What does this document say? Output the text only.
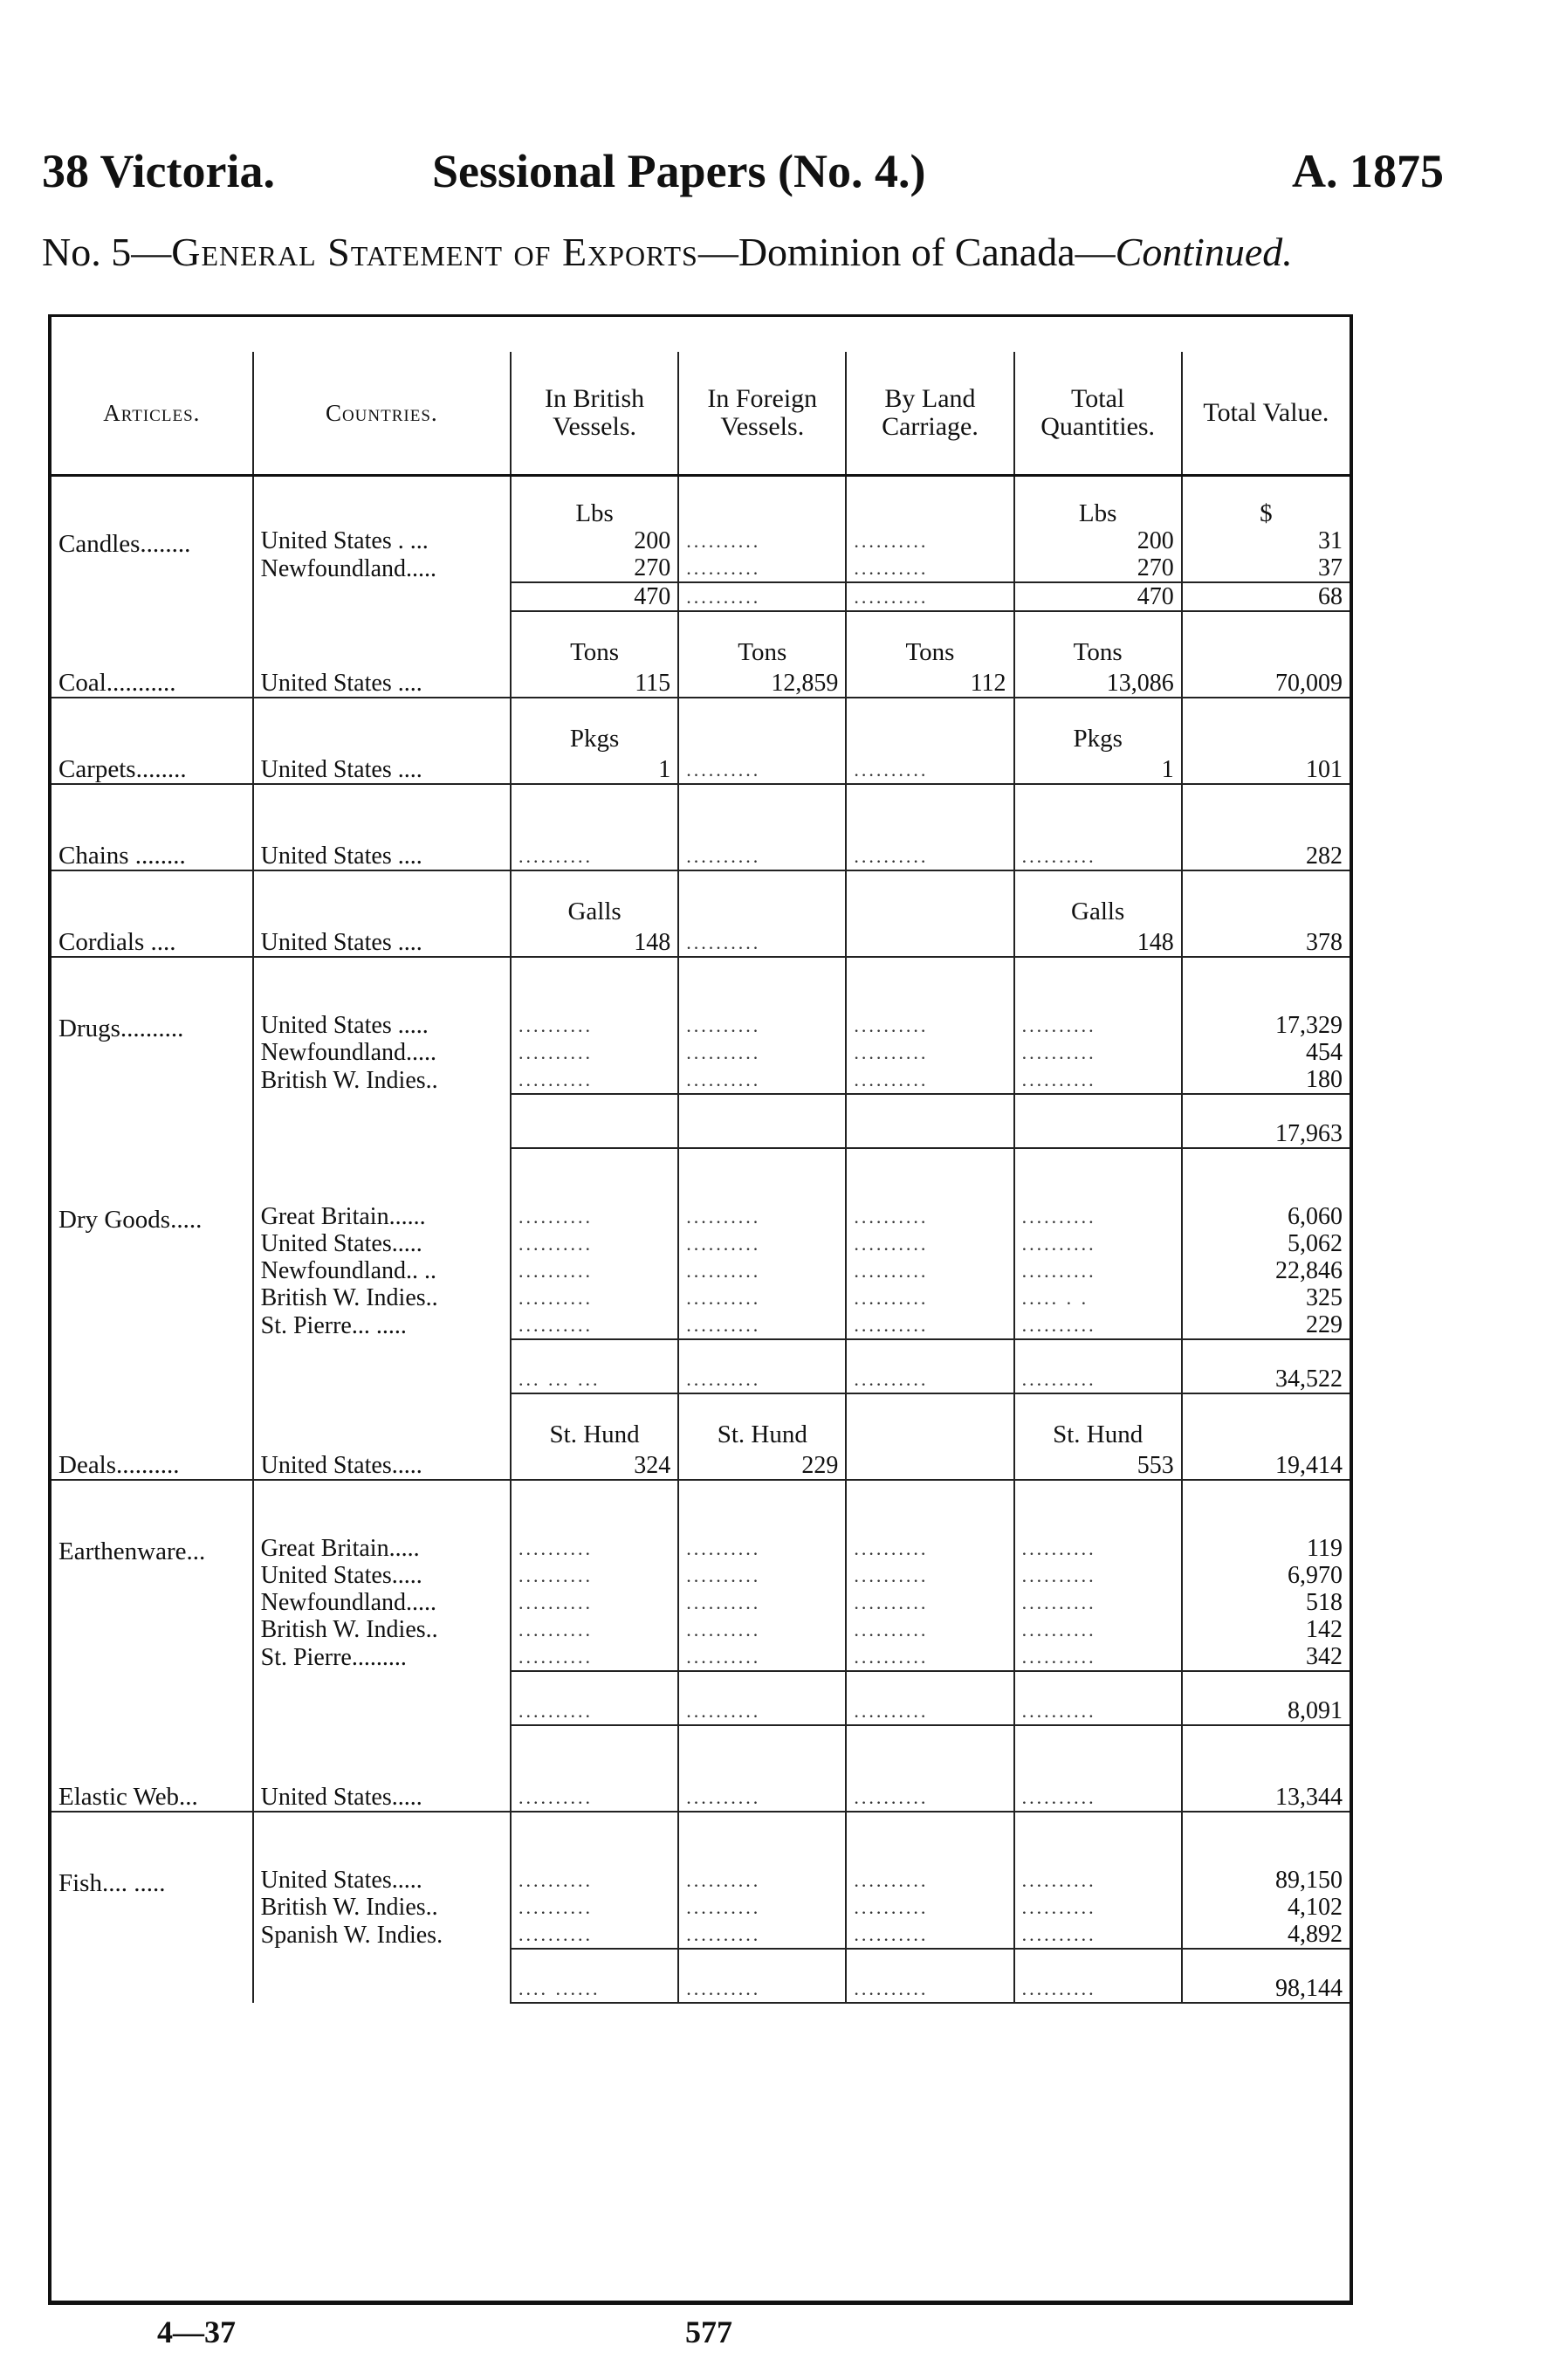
38 Victoria.	Sessional Papers (No. 4.)	A. 1875
No. 5—General Statement of Exports—Dominion of Canada—Continued.
Articles.	Countries.	In British Vessels.	In Foreign Vessels.	By Land Carriage.	Total Quantities.	Total Value.
		Lbs			Lbs	$
Candles........	United States . ...	200	..........	..........	200	31
	Newfoundland.....	270	..........	..........	270	37
		470	..........	..........	470	68
		Tons	Tons	Tons	Tons	
Coal...........	United States ....	115	12,859	112	13,086	70,009
		Pkgs			Pkgs	
Carpets........	United States ....	1	..........	..........	1	101

Chains ........	United States ....	..........	..........	..........	..........	282
		Galls			Galls	
Cordials ....	United States ....	148	..........		148	378

Drugs..........	United States .....	..........	..........	..........	..........	17,329
	Newfoundland.....	..........	..........	..........	..........	454
	British W. Indies..	..........	..........	..........	..........	180
						17,963

Dry Goods.....	Great Britain......	..........	..........	..........	..........	6,060
	United States.....	..........	..........	..........	..........	5,062
	Newfoundland.. ..	..........	..........	..........	..........	22,846
	British W. Indies..	..........	..........	..........	..... . .	325
	St. Pierre... .....	..........	..........	..........	..........	229
		... ... ...	..........	..........	..........	34,522
		St. Hund	St. Hund		St. Hund	
Deals..........	United States.....	324	229		553	19,414

Earthenware...	Great Britain.....	..........	..........	..........	..........	119
	United States.....	..........	..........	..........	..........	6,970
	Newfoundland.....	..........	..........	..........	..........	518
	British W. Indies..	..........	..........	..........	..........	142
	St. Pierre.........	..........	..........	..........	..........	342
		..........	..........	..........	..........	8,091

Elastic Web...	United States.....	..........	..........	..........	..........	13,344

Fish.... .....	United States.....	..........	..........	..........	..........	89,150
	British W. Indies..	..........	..........	..........	..........	4,102
	Spanish W. Indies.	..........	..........	..........	..........	4,892
		.... ......	..........	..........	..........	98,144
4—37	577
